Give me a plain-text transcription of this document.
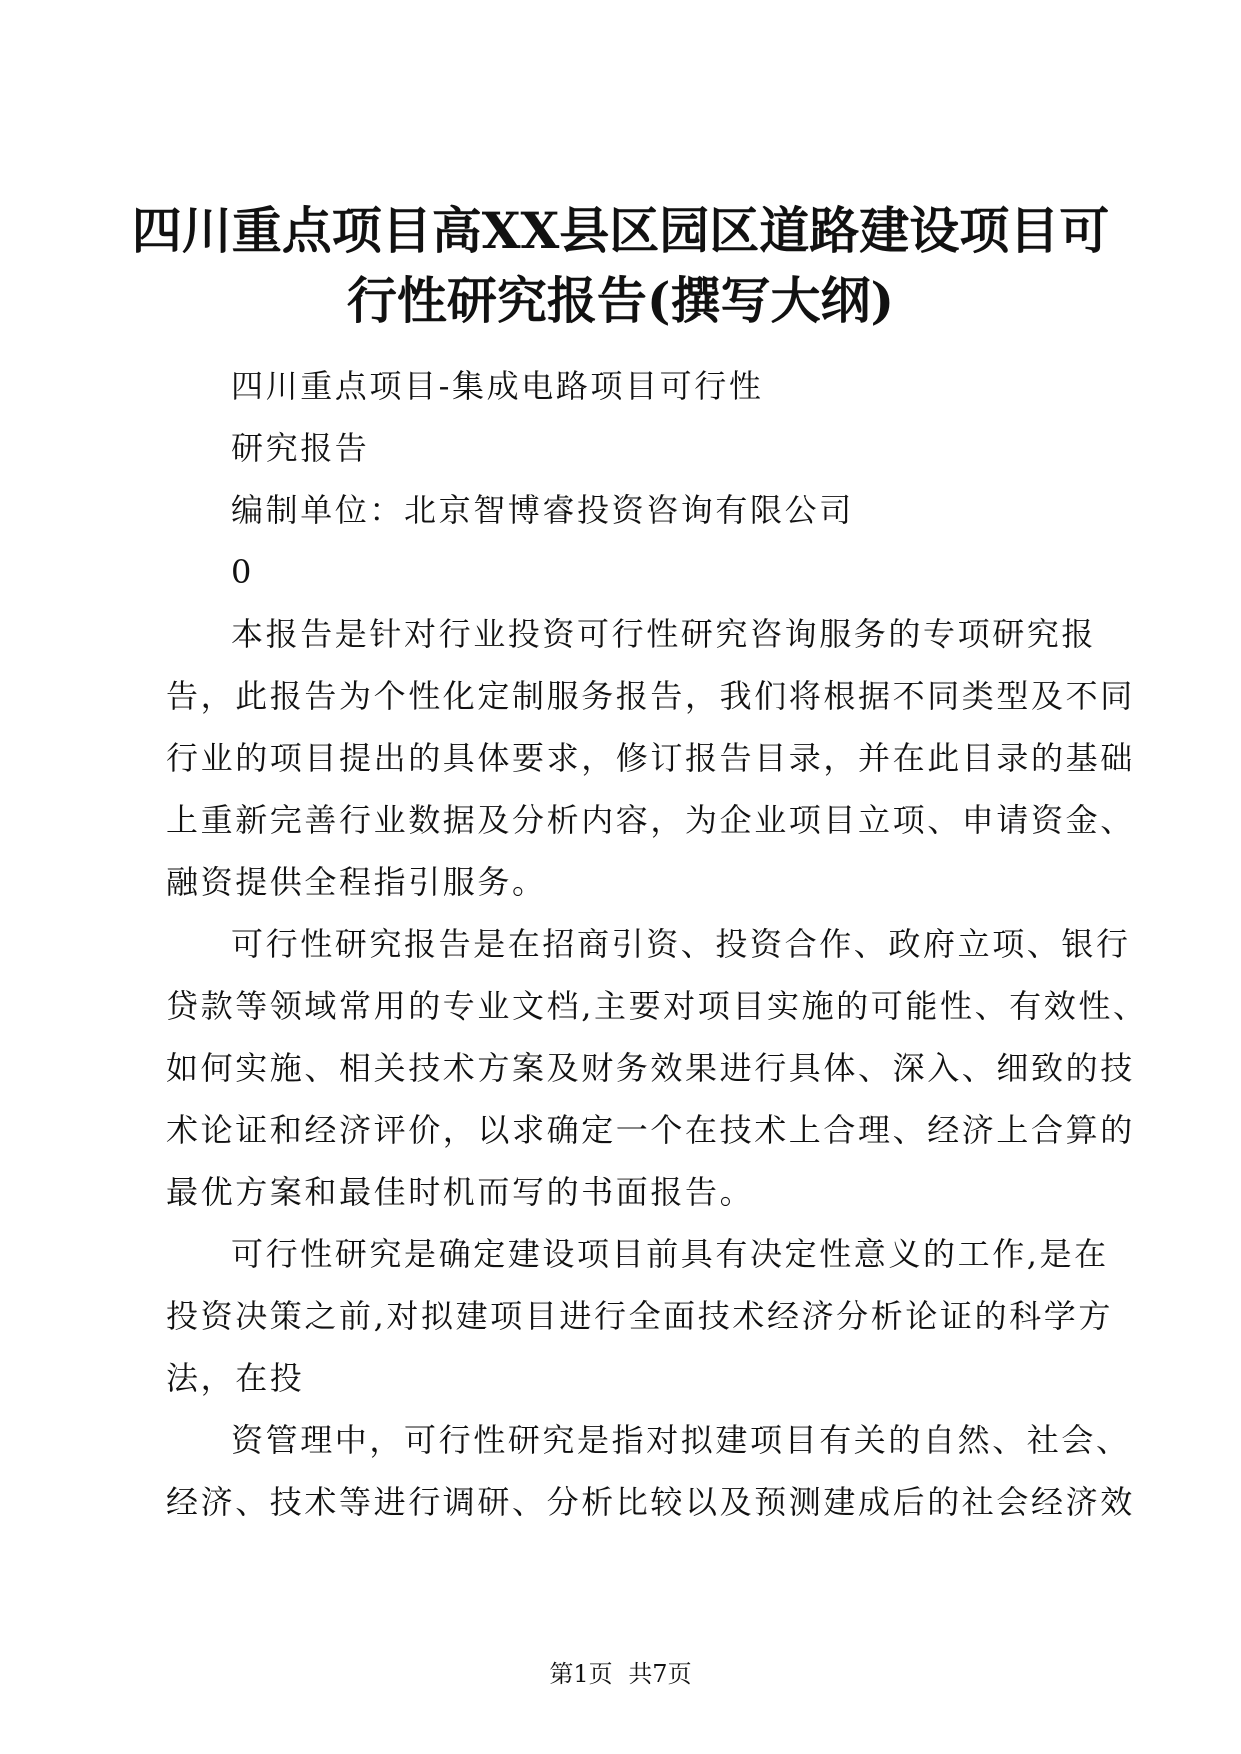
四川重点项目高XX县区园区道路建设项目可
行性研究报告(撰写大纲)
四川重点项目-集成电路项目可行性
研究报告
编制单位：北京智博睿投资咨询有限公司
0
本报告是针对行业投资可行性研究咨询服务的专项研究报
告，此报告为个性化定制服务报告，我们将根据不同类型及不同
行业的项目提出的具体要求，修订报告目录，并在此目录的基础
上重新完善行业数据及分析内容，为企业项目立项、申请资金、
融资提供全程指引服务。
可行性研究报告是在招商引资、投资合作、政府立项、银行
贷款等领域常用的专业文档,主要对项目实施的可能性、有效性、
如何实施、相关技术方案及财务效果进行具体、深入、细致的技
术论证和经济评价，以求确定一个在技术上合理、经济上合算的
最优方案和最佳时机而写的书面报告。
可行性研究是确定建设项目前具有决定性意义的工作,是在
投资决策之前,对拟建项目进行全面技术经济分析论证的科学方
法，在投
资管理中，可行性研究是指对拟建项目有关的自然、社会、
经济、技术等进行调研、分析比较以及预测建成后的社会经济效
第1页 共7页
